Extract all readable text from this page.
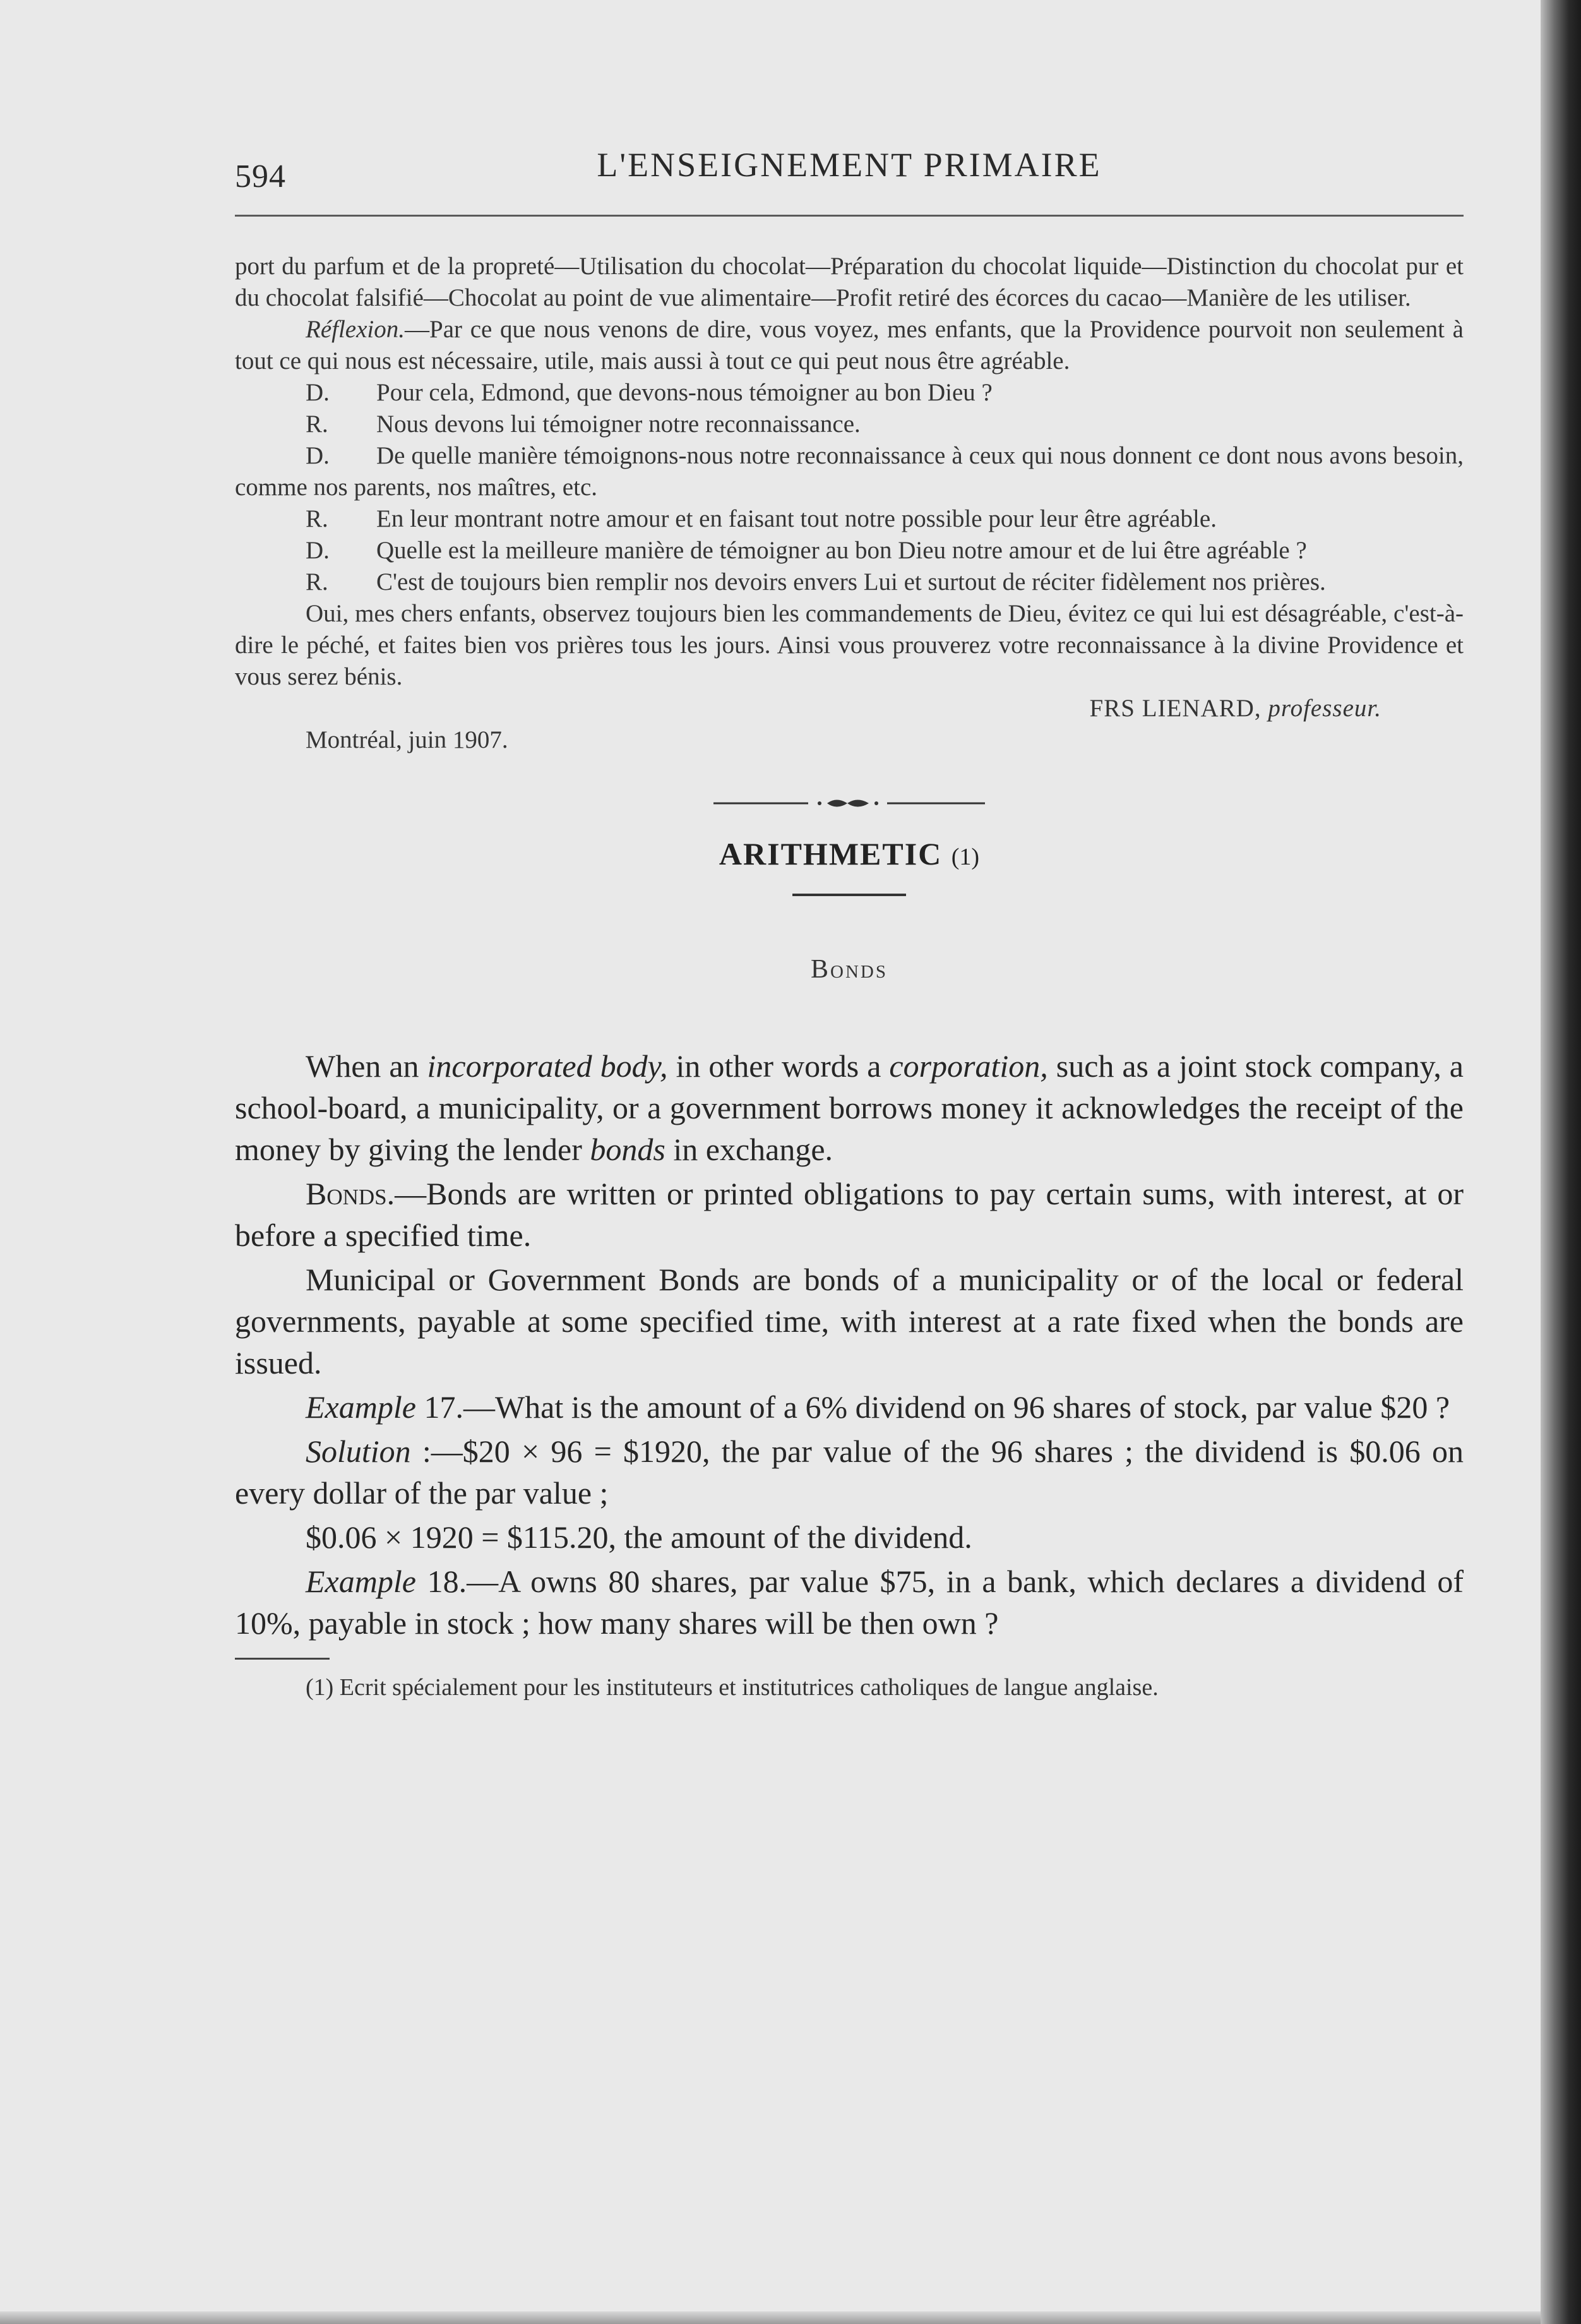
594	L'ENSEIGNEMENT PRIMAIRE

port du parfum et de la propreté—Utilisation du chocolat—Préparation du chocolat liquide—Distinction du chocolat pur et du chocolat falsifié—Chocolat au point de vue alimentaire—Profit retiré des écorces du cacao—Manière de les utiliser.

Réflexion.—Par ce que nous venons de dire, vous voyez, mes enfants, que la Providence pourvoit non seulement à tout ce qui nous est nécessaire, utile, mais aussi à tout ce qui peut nous être agréable.

D. Pour cela, Edmond, que devons-nous témoigner au bon Dieu ?

R. Nous devons lui témoigner notre reconnaissance.

D. De quelle manière témoignons-nous notre reconnaissance à ceux qui nous donnent ce dont nous avons besoin, comme nos parents, nos maîtres, etc.

R. En leur montrant notre amour et en faisant tout notre possible pour leur être agréable.

D. Quelle est la meilleure manière de témoigner au bon Dieu notre amour et de lui être agréable ?

R. C'est de toujours bien remplir nos devoirs envers Lui et surtout de réciter fidèlement nos prières.

Oui, mes chers enfants, observez toujours bien les commandements de Dieu, évitez ce qui lui est désagréable, c'est-à-dire le péché, et faites bien vos prières tous les jours. Ainsi vous prouverez votre reconnaissance à la divine Providence et vous serez bénis.

FRS LIENARD, professeur.

Montréal, juin 1907.

ARITHMETIC (1)
Bonds

When an incorporated body, in other words a corporation, such as a joint stock company, a school-board, a municipality, or a government borrows money it acknowledges the receipt of the money by giving the lender bonds in exchange.

Bonds.—Bonds are written or printed obligations to pay certain sums, with interest, at or before a specified time.

Municipal or Government Bonds are bonds of a municipality or of the local or federal governments, payable at some specified time, with interest at a rate fixed when the bonds are issued.

Example 17.—What is the amount of a 6% dividend on 96 shares of stock, par value $20 ?

Solution :—$20 × 96 = $1920, the par value of the 96 shares ; the dividend is $0.06 on every dollar of the par value ;

$0.06 × 1920 = $115.20, the amount of the dividend.

Example 18.—A owns 80 shares, par value $75, in a bank, which declares a dividend of 10%, payable in stock ; how many shares will be then own ?

(1) Ecrit spécialement pour les instituteurs et institutrices catholiques de langue anglaise.
